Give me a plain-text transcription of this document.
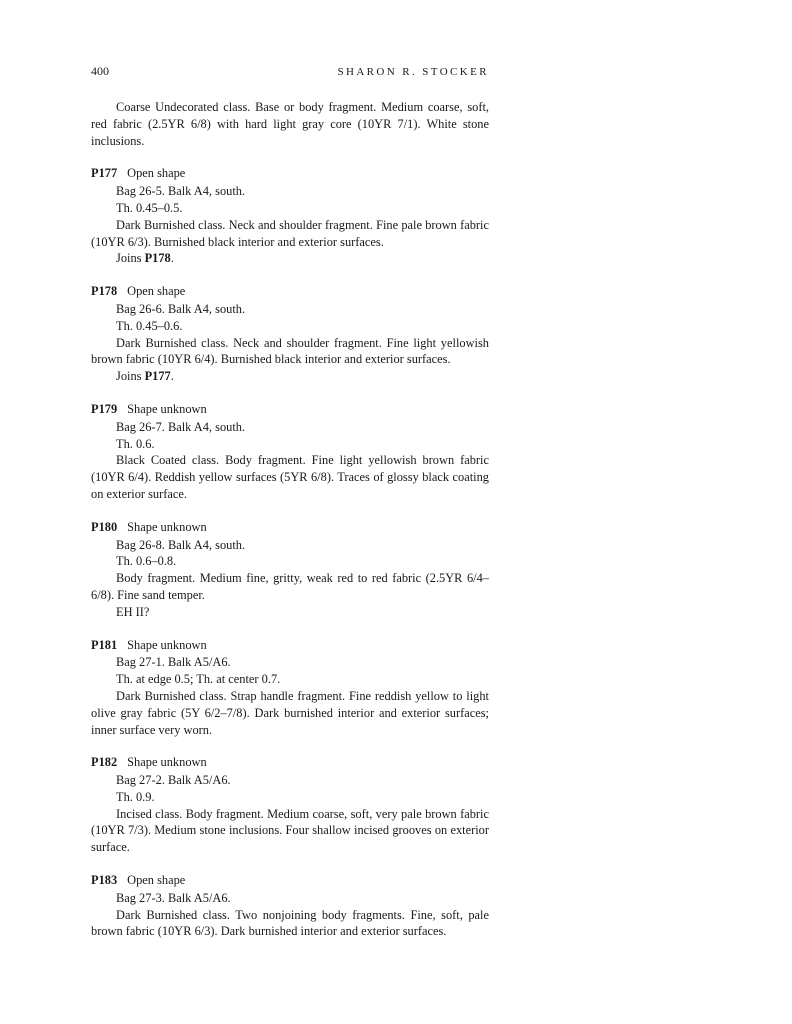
400	SHARON R. STOCKER
Coarse Undecorated class. Base or body fragment. Medium coarse, soft, red fabric (2.5YR 6/8) with hard light gray core (10YR 7/1). White stone inclusions.
P177 Open shape
Bag 26-5. Balk A4, south.
Th. 0.45–0.5.
Dark Burnished class. Neck and shoulder fragment. Fine pale brown fabric (10YR 6/3). Burnished black interior and exterior surfaces.
Joins P178.
P178 Open shape
Bag 26-6. Balk A4, south.
Th. 0.45–0.6.
Dark Burnished class. Neck and shoulder fragment. Fine light yellowish brown fabric (10YR 6/4). Burnished black interior and exterior surfaces.
Joins P177.
P179 Shape unknown
Bag 26-7. Balk A4, south.
Th. 0.6.
Black Coated class. Body fragment. Fine light yellowish brown fabric (10YR 6/4). Reddish yellow surfaces (5YR 6/8). Traces of glossy black coating on exterior surface.
P180 Shape unknown
Bag 26-8. Balk A4, south.
Th. 0.6–0.8.
Body fragment. Medium fine, gritty, weak red to red fabric (2.5YR 6/4–6/8). Fine sand temper.
EH II?
P181 Shape unknown
Bag 27-1. Balk A5/A6.
Th. at edge 0.5; Th. at center 0.7.
Dark Burnished class. Strap handle fragment. Fine reddish yellow to light olive gray fabric (5Y 6/2–7/8). Dark burnished interior and exterior surfaces; inner surface very worn.
P182 Shape unknown
Bag 27-2. Balk A5/A6.
Th. 0.9.
Incised class. Body fragment. Medium coarse, soft, very pale brown fabric (10YR 7/3). Medium stone inclusions. Four shallow incised grooves on exterior surface.
P183 Open shape
Bag 27-3. Balk A5/A6.
Dark Burnished class. Two nonjoining body fragments. Fine, soft, pale brown fabric (10YR 6/3). Dark burnished interior and exterior surfaces.
